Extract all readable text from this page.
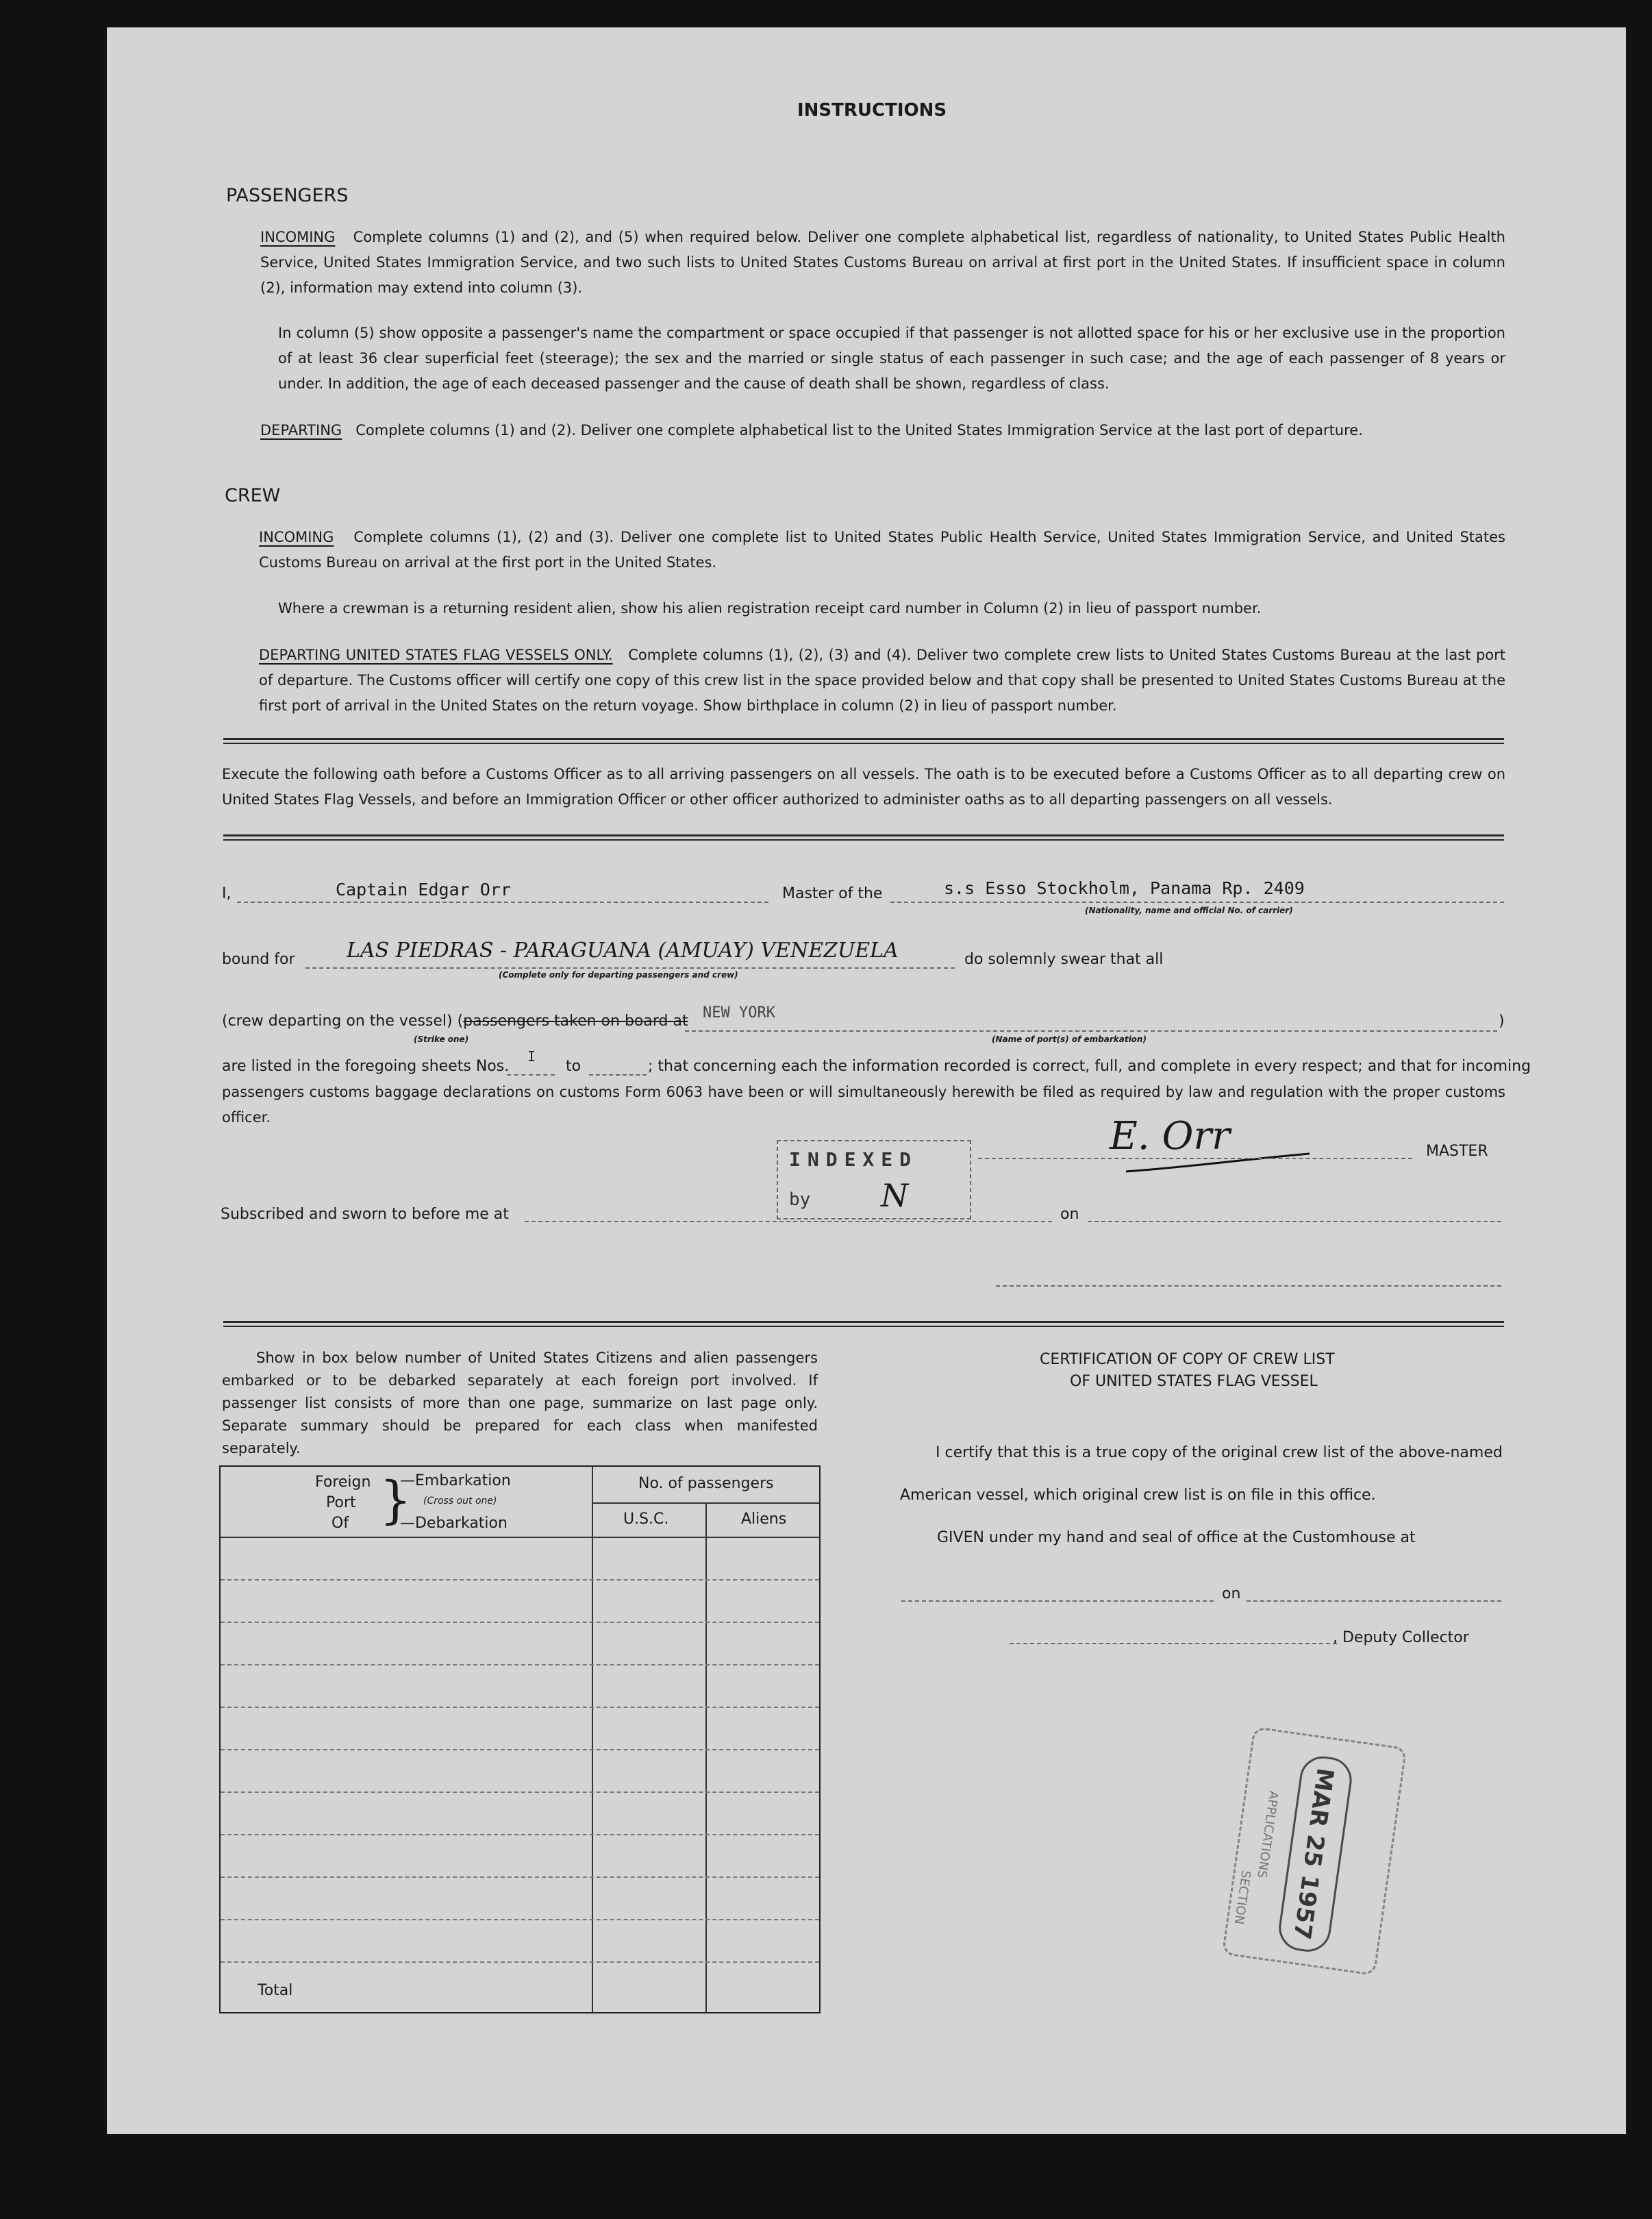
INSTRUCTIONS
PASSENGERS
INCOMING Complete columns (1) and (2), and (5) when required below. Deliver one complete alphabetical list, regardless of nationality, to United States Public Health Service, United States Immigration Service, and two such lists to United States Customs Bureau on arrival at first port in the United States. If insufficient space in column (2), information may extend into column (3).
In column (5) show opposite a passenger's name the compartment or space occupied if that passenger is not allotted space for his or her exclusive use in the proportion of at least 36 clear superficial feet (steerage); the sex and the married or single status of each passenger in such case; and the age of each passenger of 8 years or under. In addition, the age of each deceased passenger and the cause of death shall be shown, regardless of class.
DEPARTING Complete columns (1) and (2). Deliver one complete alphabetical list to the United States Immigration Service at the last port of departure.
CREW
INCOMING Complete columns (1), (2) and (3). Deliver one complete list to United States Public Health Service, United States Immigration Service, and United States Customs Bureau on arrival at the first port in the United States.
Where a crewman is a returning resident alien, show his alien registration receipt card number in Column (2) in lieu of passport number.
DEPARTING UNITED STATES FLAG VESSELS ONLY. Complete columns (1), (2), (3) and (4). Deliver two complete crew lists to United States Customs Bureau at the last port of departure. The Customs officer will certify one copy of this crew list in the space provided below and that copy shall be presented to United States Customs Bureau at the first port of arrival in the United States on the return voyage. Show birthplace in column (2) in lieu of passport number.
Execute the following oath before a Customs Officer as to all arriving passengers on all vessels. The oath is to be executed before a Customs Officer as to all departing crew on United States Flag Vessels, and before an Immigration Officer or other officer authorized to administer oaths as to all departing passengers on all vessels.
I,	Captain Edgar Orr	Master of the	s.s Esso Stockholm, Panama Rp. 2409
(Nationality, name and official No. of carrier)
bound for	LAS PIEDRAS - PARAGUANA (AMUAY) VENEZUELA
(Complete only for departing passengers and crew)
do solemnly swear that all
(crew departing on the vessel) (passengers taken on board at NEW YORK	)
(Strike one)	(Name of port(s) of embarkation)
are listed in the foregoing sheets Nos.
I
to	; that concerning each the information recorded is correct, full, and complete in every respect; and that for incoming
passengers customs baggage declarations on customs Form 6063 have been or will simultaneously herewith be filed as required by law and regulation with the proper customs officer.	E. Orr	MASTER
INDEXED
by N
Subscribed and sworn to before me at	on
Show in box below number of United States Citizens and alien passengers embarked or to be debarked separately at each foreign port involved. If passenger list consists of more than one page, summarize on last page only. Separate summary should be prepared for each class when manifested separately.
Foreign
Port
Of }
—Embarkation
(Cross out one)
—Debarkation
No. of passengers
U.S.C.	Aliens
Total
CERTIFICATION OF COPY OF CREW LIST
OF UNITED STATES FLAG VESSEL
I certify that this is a true copy of the original crew list of the above-named
American vessel, which original crew list is on file in this office.
GIVEN under my hand and seal of office at the Customhouse at
on
, Deputy Collector
MAR 25 1957
APPLICATIONS
SECTION
